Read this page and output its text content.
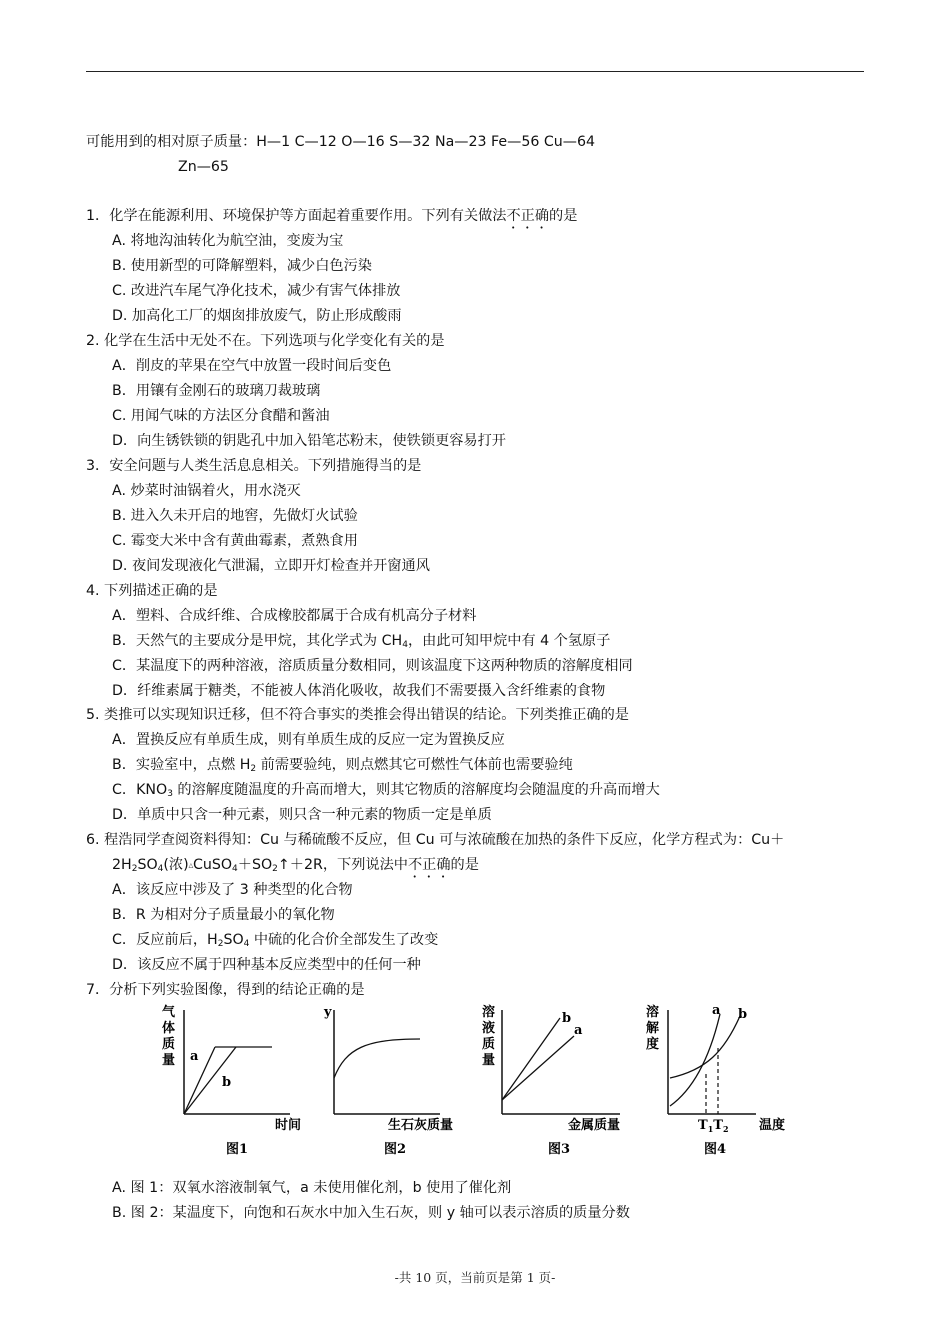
可能用到的相对原子质量：H—1 C—12 O—16 S—32 Na—23 Fe—56 Cu—64
Zn—65
1．化学在能源利用、环境保护等方面起着重要作用。下列有关做法不正确的是
A. 将地沟油转化为航空油，变废为宝
B. 使用新型的可降解塑料，减少白色污染
C. 改进汽车尾气净化技术，减少有害气体排放
D. 加高化工厂的烟囱排放废气，防止形成酸雨
2. 化学在生活中无处不在。下列选项与化学变化有关的是
A．削皮的苹果在空气中放置一段时间后变色
B．用镶有金刚石的玻璃刀裁玻璃
C. 用闻气味的方法区分食醋和酱油
D．向生锈铁锁的钥匙孔中加入铅笔芯粉末，使铁锁更容易打开
3．安全问题与人类生活息息相关。下列措施得当的是
A. 炒菜时油锅着火，用水浇灭
B. 进入久未开启的地窖，先做灯火试验
C. 霉变大米中含有黄曲霉素，煮熟食用
D. 夜间发现液化气泄漏，立即开灯检查并开窗通风
4. 下列描述正确的是
A．塑料、合成纤维、合成橡胶都属于合成有机高分子材料
B．天然气的主要成分是甲烷，其化学式为 $CH_4$，由此可知甲烷中有 4 个氢原子
C．某温度下的两种溶液，溶质质量分数相同，则该温度下这两种物质的溶解度相同
D．纤维素属于糖类，不能被人体消化吸收，故我们不需要摄入含纤维素的食物
5. 类推可以实现知识迁移，但不符合事实的类推会得出错误的结论。下列类推正确的是
A．置换反应有单质生成，则有单质生成的反应一定为置换反应
B．实验室中，点燃 $H_2$ 前需要验纯，则点燃其它可燃性气体前也需要验纯
C．$KNO_3$ 的溶解度随温度的升高而增大，则其它物质的溶解度均会随温度的升高而增大
D．单质中只含一种元素，则只含一种元素的物质一定是单质
6. 程浩同学查阅资料得知：Cu 与稀硫酸不反应，但 Cu 可与浓硫酸在加热的条件下反应，化学方程式为：Cu＋
$2H_2SO_4$(浓)$\triangle CuSO_4+SO_2↑+2R$，下列说法中不正确的是
A．该反应中涉及了 3 种类型的化合物
B．R 为相对分子质量最小的氧化物
C．反应前后，$H_2SO_4$ 中硫的化合价全部发生了改变
D．该反应不属于四种基本反应类型中的任何一种
7．分析下列实验图像，得到的结论正确的是
气
体
质
量 a
b
时间
图1
y
生石灰质量
图2
溶
液
质
量
b
a
金属质量
图3
溶
解
度
a b
$T_1T_2$ 温度
图4
A. 图 1：双氧水溶液制氧气，a 未使用催化剂，b 使用了催化剂
B. 图 2：某温度下，向饱和石灰水中加入生石灰，则 y 轴可以表示溶质的质量分数
-共 10 页，当前页是第 1 页-
